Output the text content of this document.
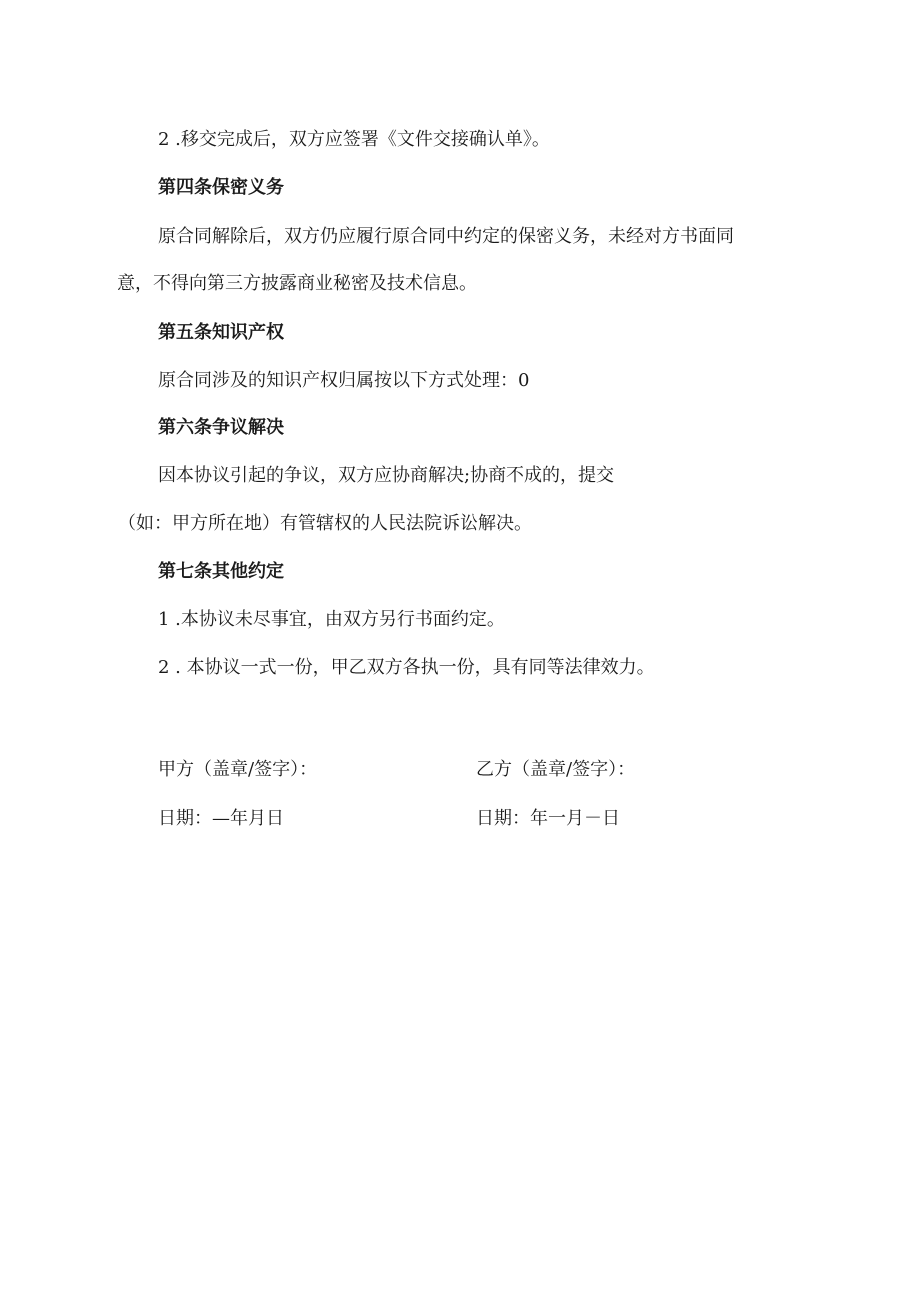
2 .移交完成后，双方应签署《文件交接确认单》。

第四条保密义务

原合同解除后，双方仍应履行原合同中约定的保密义务，未经对方书面同

意，不得向第三方披露商业秘密及技术信息。

第五条知识产权

原合同涉及的知识产权归属按以下方式处理：0

第六条争议解决

因本协议引起的争议，双方应协商解决;协商不成的，提交

（如：甲方所在地）有管辖权的人民法院诉讼解决。

第七条其他约定

1 .本协议未尽事宜，由双方另行书面约定。

2 . 本协议一式一份，甲乙双方各执一份，具有同等法律效力。

甲方（盖章/签字）：	乙方（盖章/签字）：

日期：—年月日	日期：年一月－日
